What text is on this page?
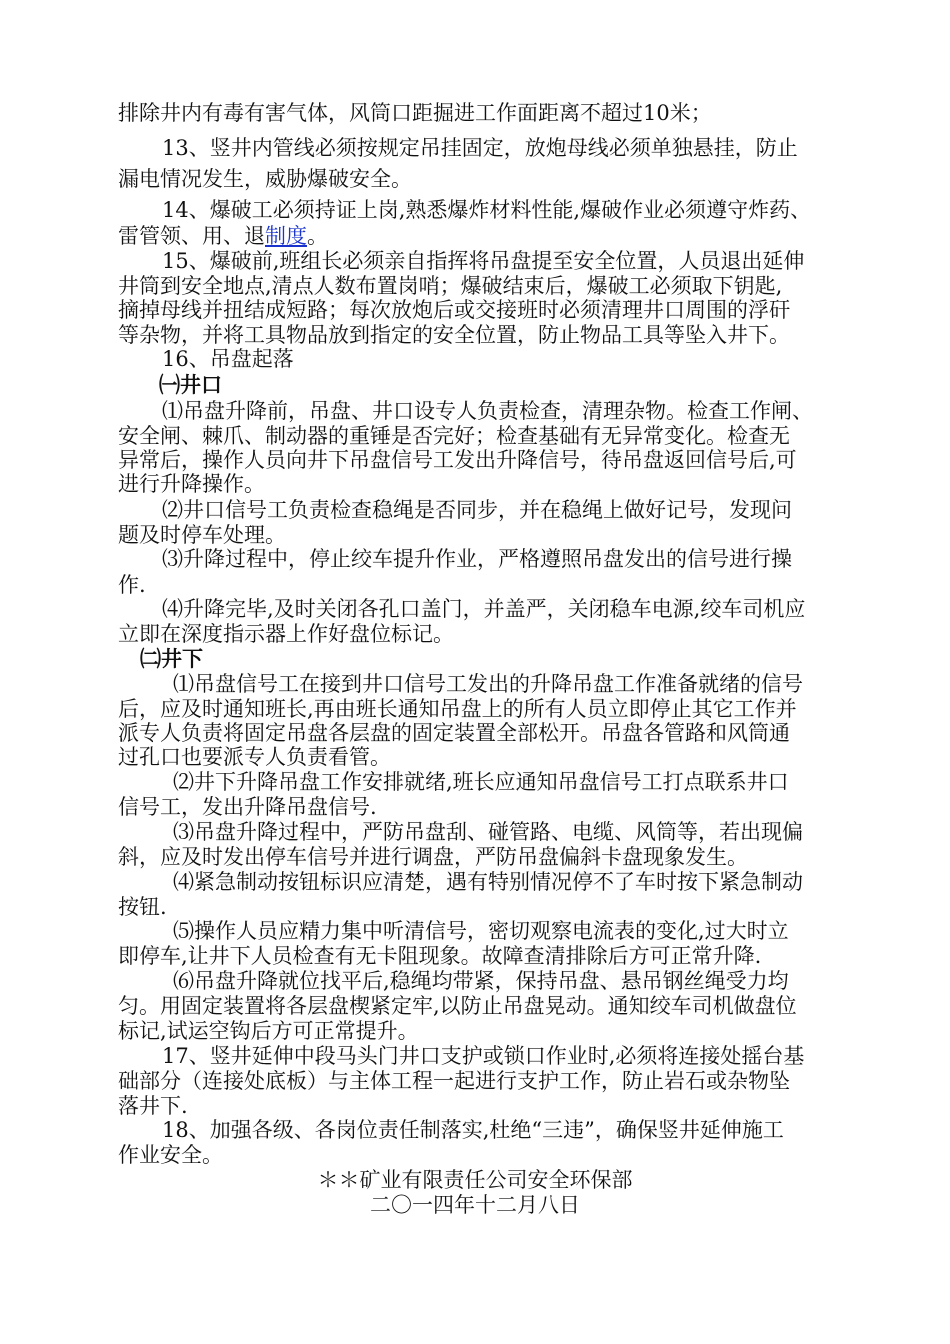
排除井内有毒有害气体，风筒口距掘进工作面距离不超过10米；
13、竖井内管线必须按规定吊挂固定，放炮母线必须单独悬挂，防止
漏电情况发生，威胁爆破安全。
14、爆破工必须持证上岗,熟悉爆炸材料性能,爆破作业必须遵守炸药、
雷管领、用、退制度。
15、爆破前,班组长必须亲自指挥将吊盘提至安全位置，人员退出延伸
井筒到安全地点,清点人数布置岗哨；爆破结束后，爆破工必须取下钥匙,
摘掉母线并扭结成短路；每次放炮后或交接班时必须清理井口周围的浮矸
等杂物，并将工具物品放到指定的安全位置，防止物品工具等坠入井下。
16、吊盘起落
㈠井口
⑴吊盘升降前，吊盘、井口设专人负责检查，清理杂物。检查工作闸、
安全闸、棘爪、制动器的重锤是否完好；检查基础有无异常变化。检查无
异常后，操作人员向井下吊盘信号工发出升降信号，待吊盘返回信号后,可
进行升降操作。
⑵井口信号工负责检查稳绳是否同步，并在稳绳上做好记号，发现问
题及时停车处理。
⑶升降过程中，停止绞车提升作业，严格遵照吊盘发出的信号进行操
作.
⑷升降完毕,及时关闭各孔口盖门，并盖严，关闭稳车电源,绞车司机应
立即在深度指示器上作好盘位标记。
㈡井下
⑴吊盘信号工在接到井口信号工发出的升降吊盘工作准备就绪的信号
后，应及时通知班长,再由班长通知吊盘上的所有人员立即停止其它工作并
派专人负责将固定吊盘各层盘的固定装置全部松开。吊盘各管路和风筒通
过孔口也要派专人负责看管。
⑵井下升降吊盘工作安排就绪,班长应通知吊盘信号工打点联系井口
信号工，发出升降吊盘信号.
⑶吊盘升降过程中，严防吊盘刮、碰管路、电缆、风筒等，若出现偏
斜，应及时发出停车信号并进行调盘，严防吊盘偏斜卡盘现象发生。
⑷紧急制动按钮标识应清楚，遇有特别情况停不了车时按下紧急制动
按钮.
⑸操作人员应精力集中听清信号，密切观察电流表的变化,过大时立
即停车,让井下人员检查有无卡阻现象。故障查清排除后方可正常升降.
⑹吊盘升降就位找平后,稳绳均带紧，保持吊盘、悬吊钢丝绳受力均
匀。用固定装置将各层盘楔紧定牢,以防止吊盘晃动。通知绞车司机做盘位
标记,试运空钩后方可正常提升。
17、竖井延伸中段马头门井口支护或锁口作业时,必须将连接处摇台基
础部分（连接处底板）与主体工程一起进行支护工作，防止岩石或杂物坠
落井下.
18、加强各级、各岗位责任制落实,杜绝“三违”，确保竖井延伸施工
作业安全。
＊＊矿业有限责任公司安全环保部
二〇一四年十二月八日
